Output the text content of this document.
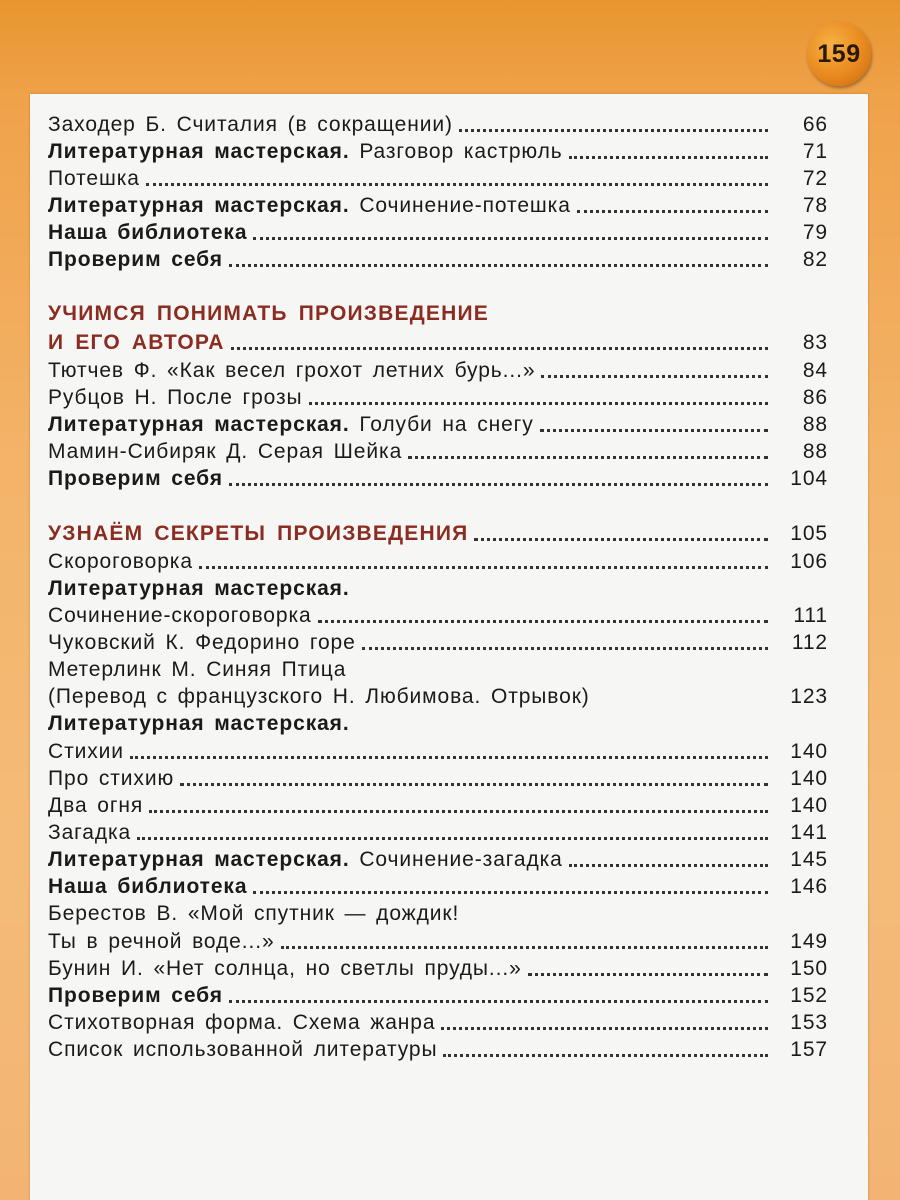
159
Заходер Б. Считалия (в сокращении)	66
Литературная мастерская. Разговор кастрюль	71
Потешка	72
Литературная мастерская. Сочинение-потешка	78
Наша библиотека	79
Проверим себя	82
УЧИМСЯ ПОНИМАТЬ ПРОИЗВЕДЕНИЕ
И ЕГО АВТОРА	83
Тютчев Ф. «Как весел грохот летних бурь...»	84
Рубцов Н. После грозы	86
Литературная мастерская. Голуби на снегу	88
Мамин-Сибиряк Д. Серая Шейка	88
Проверим себя	104
УЗНАЁМ СЕКРЕТЫ ПРОИЗВЕДЕНИЯ	105
Скороговорка	106
Литературная мастерская.
Сочинение-скороговорка	111
Чуковский К. Федорино горе	112
Метерлинк М. Синяя Птица
(Перевод с французского Н. Любимова. Отрывок)	123
Литературная мастерская.
Стихии	140
Про стихию	140
Два огня	140
Загадка	141
Литературная мастерская. Сочинение-загадка	145
Наша библиотека	146
Берестов В. «Мой спутник — дождик!
Ты в речной воде...»	149
Бунин И. «Нет солнца, но светлы пруды...»	150
Проверим себя	152
Стихотворная форма. Схема жанра	153
Список использованной литературы	157
